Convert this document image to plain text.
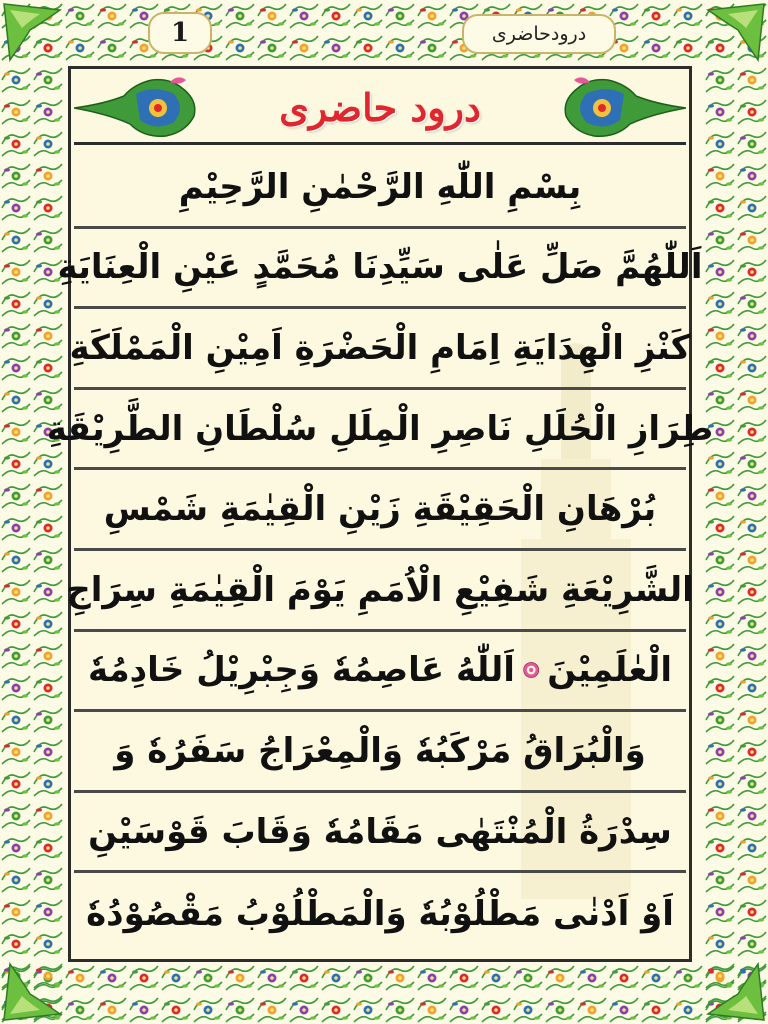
1	درودحاضری
درود حاضری
بِسْمِ اللّٰهِ الرَّحْمٰنِ الرَّحِيْمِ
اَللّٰهُمَّ صَلِّ عَلٰی سَيِّدِنَا مُحَمَّدٍ عَيْنِ الْعِنَايَةِ
كَنْزِ الْهِدَايَةِ اِمَامِ الْحَضْرَةِ اَمِيْنِ الْمَمْلَكَةِ
طِرَازِ الْحُلَلِ نَاصِرِ الْمِلَلِ سُلْطَانِ الطَّرِيْقَةِ
بُرْهَانِ الْحَقِيْقَةِ زَيْنِ الْقِيٰمَةِ شَمْسِ
الشَّرِيْعَةِ شَفِيْعِ الْاُمَمِ يَوْمَ الْقِيٰمَةِ سِرَاجِ
الْعٰلَمِيْنَ
اَللّٰهُ عَاصِمُهٗ وَجِبْرِيْلُ خَادِمُهٗ
وَالْبُرَاقُ مَرْكَبُهٗ وَالْمِعْرَاجُ سَفَرُهٗ وَ
سِدْرَةُ الْمُنْتَهٰى مَقَامُهٗ وَقَابَ قَوْسَيْنِ
اَوْ اَدْنٰى مَطْلُوْبُهٗ وَالْمَطْلُوْبُ مَقْصُوْدُهٗ
